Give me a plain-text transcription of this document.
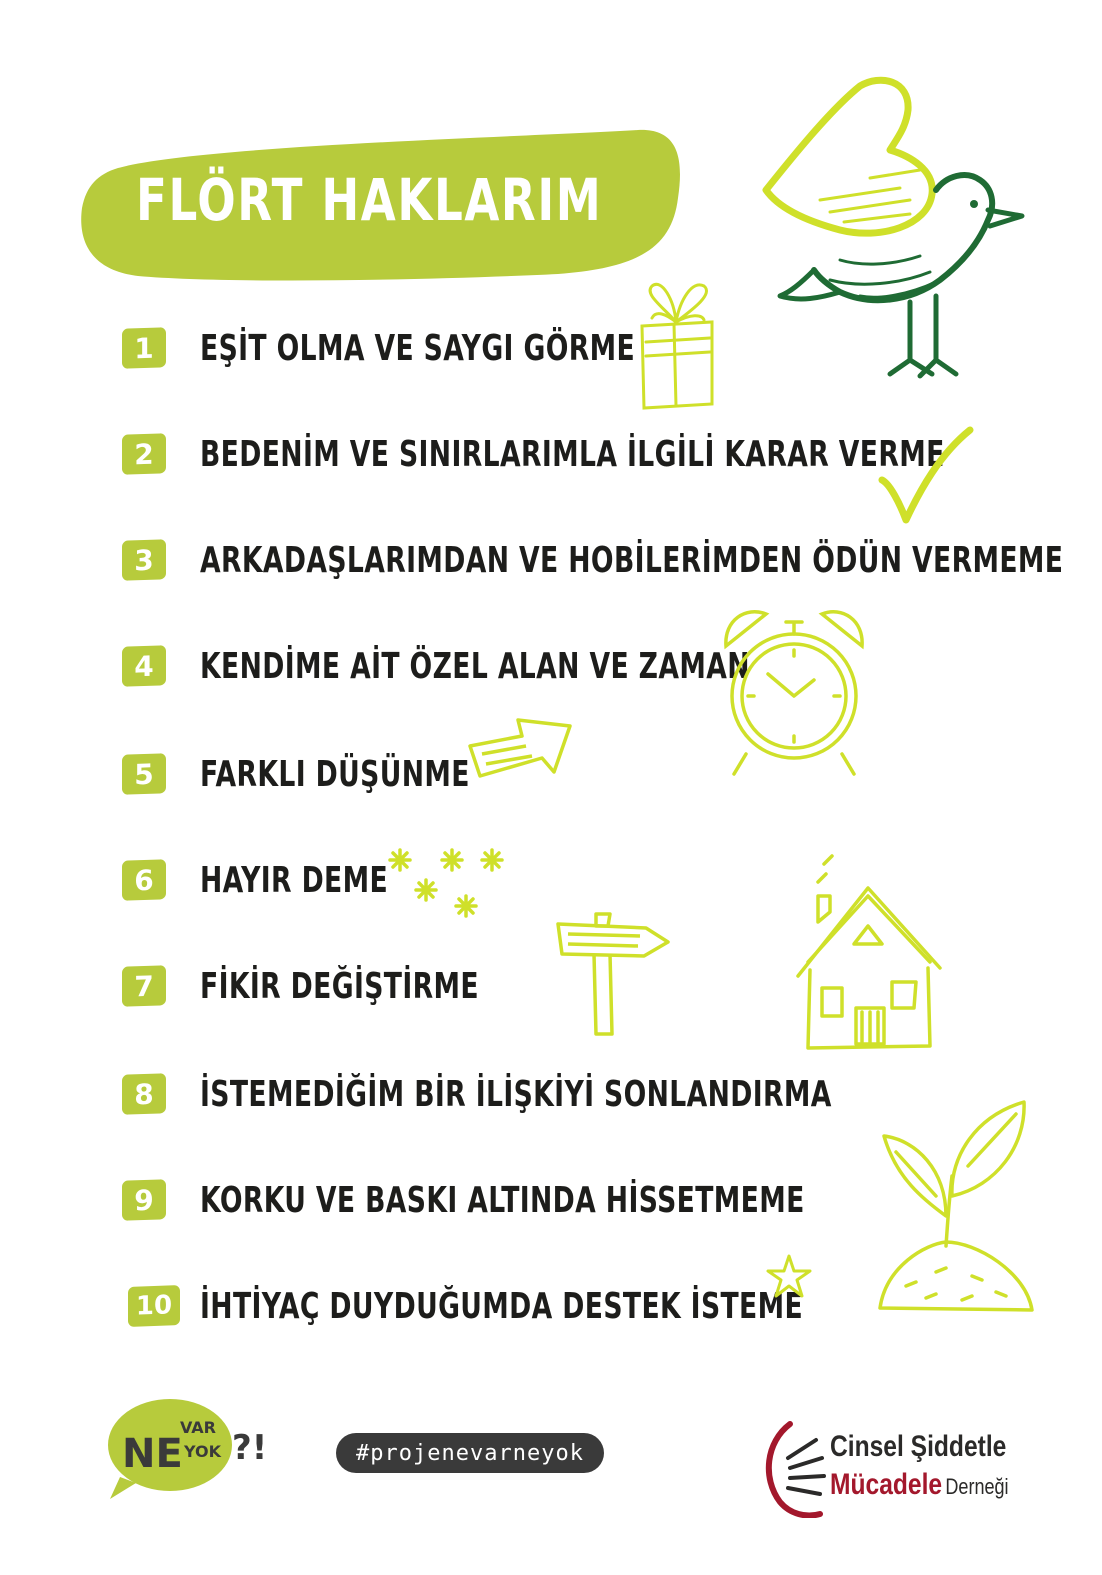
FLÖRT HAKLARIM
1	EŞİT OLMA VE SAYGI GÖRME
2	BEDENİM VE SINIRLARIMLA İLGİLİ KARAR VERME
3	ARKADAŞLARIMDAN VE HOBİLERİMDEN ÖDÜN VERMEME
4	KENDİME AİT ÖZEL ALAN VE ZAMAN
5	FARKLI DÜŞÜNME
6	HAYIR DEME
7	FİKİR DEĞİŞTİRME
8	İSTEMEDİĞİM BİR İLİŞKİYİ SONLANDIRMA
9	KORKU VE BASKI ALTINDA HİSSETMEME
10 İHTİYAÇ DUYDUĞUMDA DESTEK İSTEME
NE
VAR
YOK ?!	#projenevarneyok	Cinsel Şiddetle
Mücadele Derneği
